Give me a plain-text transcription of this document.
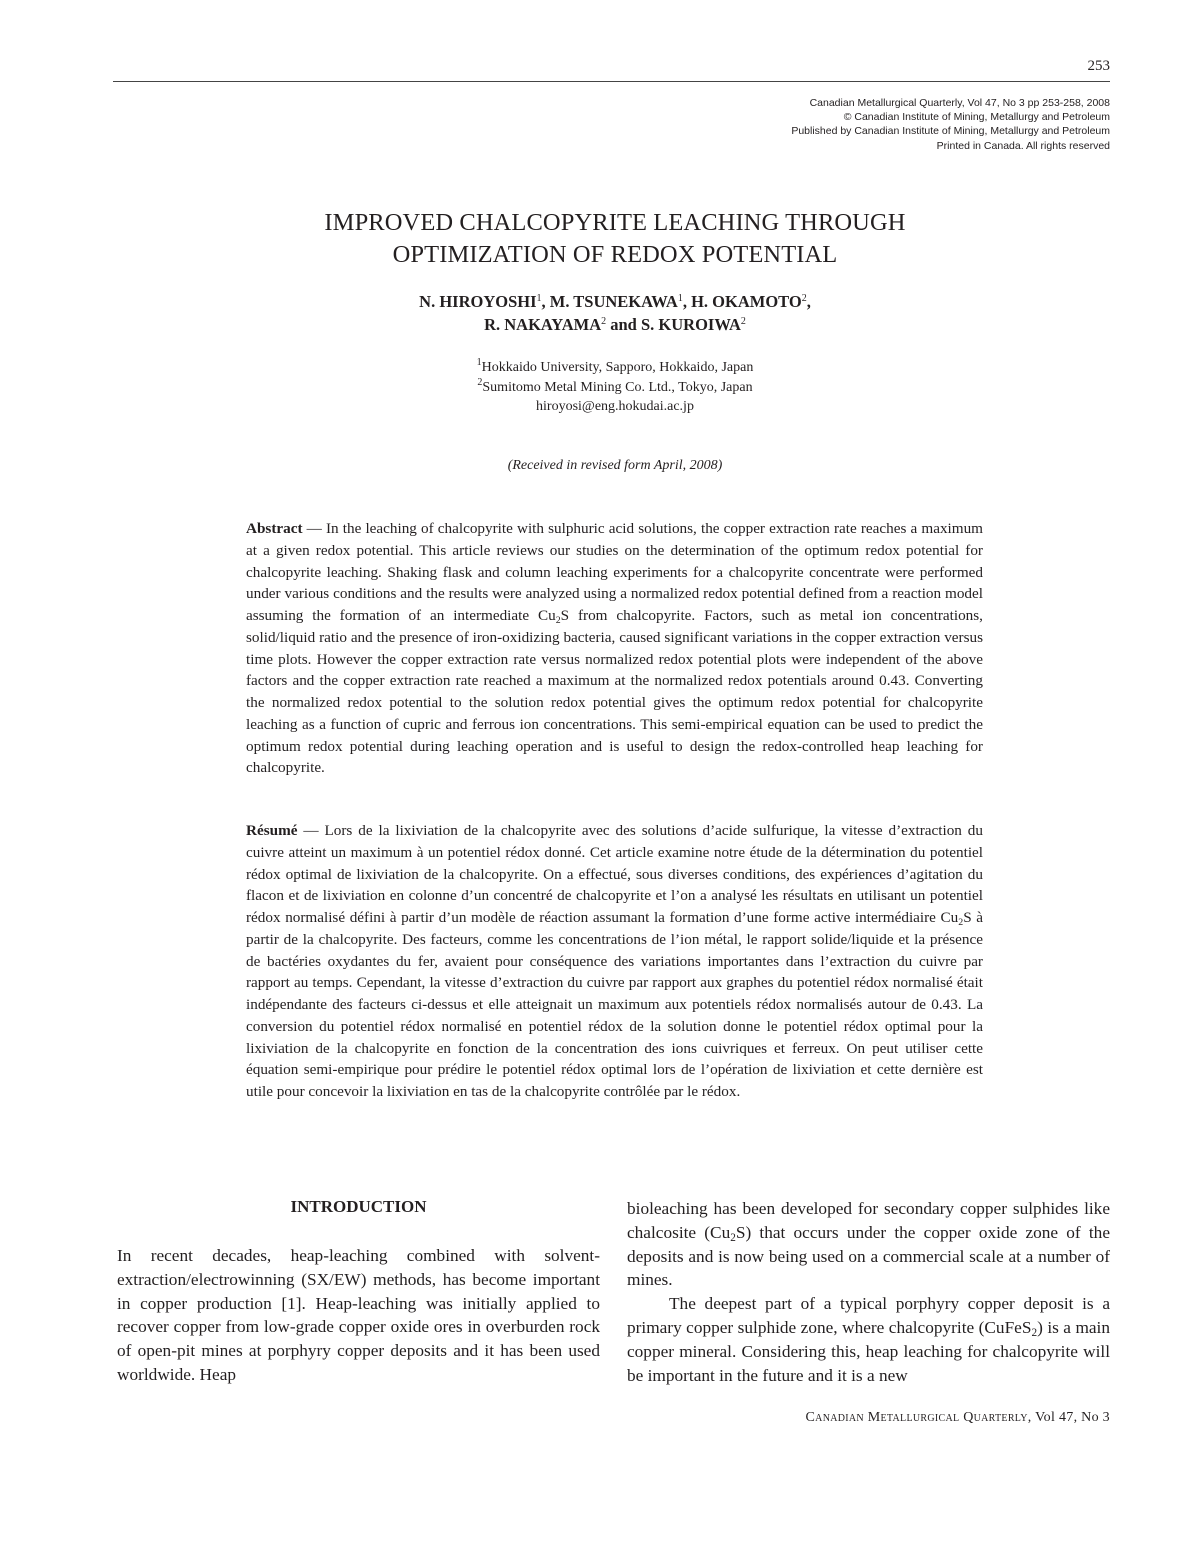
253
Canadian Metallurgical Quarterly, Vol 47, No 3 pp 253-258, 2008
© Canadian Institute of Mining, Metallurgy and Petroleum
Published by Canadian Institute of Mining, Metallurgy and Petroleum
Printed in Canada. All rights reserved
IMPROVED CHALCOPYRITE LEACHING THROUGH
OPTIMIZATION OF REDOX POTENTIAL
N. HIROYOSHI$^1$, M. TSUNEKAWA$^1$, H. OKAMOTO$^2$,
R. NAKAYAMA$^2$ and S. KUROIWA$^2$
$^1$Hokkaido University, Sapporo, Hokkaido, Japan
$^2$Sumitomo Metal Mining Co. Ltd., Tokyo, Japan
hiroyosi@eng.hokudai.ac.jp
(Received in revised form April, 2008)
Abstract — In the leaching of chalcopyrite with sulphuric acid solutions, the copper extraction rate reaches a maximum at a given redox potential. This article reviews our studies on the determination of the optimum redox potential for chalcopyrite leaching. Shaking flask and column leaching experiments for a chalcopyrite concentrate were performed under various conditions and the results were analyzed using a normalized redox potential defined from a reaction model assuming the formation of an intermediate $Cu_2S$ from chalcopyrite. Factors, such as metal ion concentrations, solid/liquid ratio and the presence of iron-oxidizing bacteria, caused significant variations in the copper extraction versus time plots. However the copper extraction rate versus normalized redox potential plots were independent of the above factors and the copper extraction rate reached a maximum at the normalized redox potentials around 0.43. Converting the normalized redox potential to the solution redox potential gives the optimum redox potential for chalcopyrite leaching as a function of cupric and ferrous ion concentrations. This semi-empirical equation can be used to predict the optimum redox potential during leaching operation and is useful to design the redox-controlled heap leaching for chalcopyrite.
Résumé — Lors de la lixiviation de la chalcopyrite avec des solutions d’acide sulfurique, la vitesse d’extraction du cuivre atteint un maximum à un potentiel rédox donné. Cet article examine notre étude de la détermination du potentiel rédox optimal de lixiviation de la chalcopyrite. On a effectué, sous diverses conditions, des expériences d’agitation du flacon et de lixiviation en colonne d’un concentré de chalcopyrite et l’on a analysé les résultats en utilisant un potentiel rédox normalisé défini à partir d’un modèle de réaction assumant la formation d’une forme active intermédiaire $Cu_2S$ à partir de la chalcopyrite. Des facteurs, comme les concentrations de l’ion métal, le rapport solide/liquide et la présence de bactéries oxydantes du fer, avaient pour conséquence des variations importantes dans l’extraction du cuivre par rapport au temps. Cependant, la vitesse d’extraction du cuivre par rapport aux graphes du potentiel rédox normalisé était indépendante des facteurs ci-dessus et elle atteignait un maximum aux potentiels rédox normalisés autour de 0.43. La conversion du potentiel rédox normalisé en potentiel rédox de la solution donne le potentiel rédox optimal pour la lixiviation de la chalcopyrite en fonction de la concentration des ions cuivriques et ferreux. On peut utiliser cette équation semi-empirique pour prédire le potentiel rédox optimal lors de l’opération de lixiviation et cette dernière est utile pour concevoir la lixiviation en tas de la chalcopyrite contrôlée par le rédox.
INTRODUCTION

In recent decades, heap-leaching combined with solvent-extraction/electrowinning (SX/EW) methods, has become important in copper production [1]. Heap-leaching was initially applied to recover copper from low-grade copper oxide ores in overburden rock of open-pit mines at porphyry copper deposits and it has been used worldwide. Heap

bioleaching has been developed for secondary copper sulphides like chalcosite $(Cu_2S)$ that occurs under the copper oxide zone of the deposits and is now being used on a commercial scale at a number of mines.

The deepest part of a typical porphyry copper deposit is a primary copper sulphide zone, where chalcopyrite (CuFeS$_2$) is a main copper mineral. Considering this, heap leaching for chalcopyrite will be important in the future and it is a new

Canadian Metallurgical Quarterly, Vol 47, No 3
